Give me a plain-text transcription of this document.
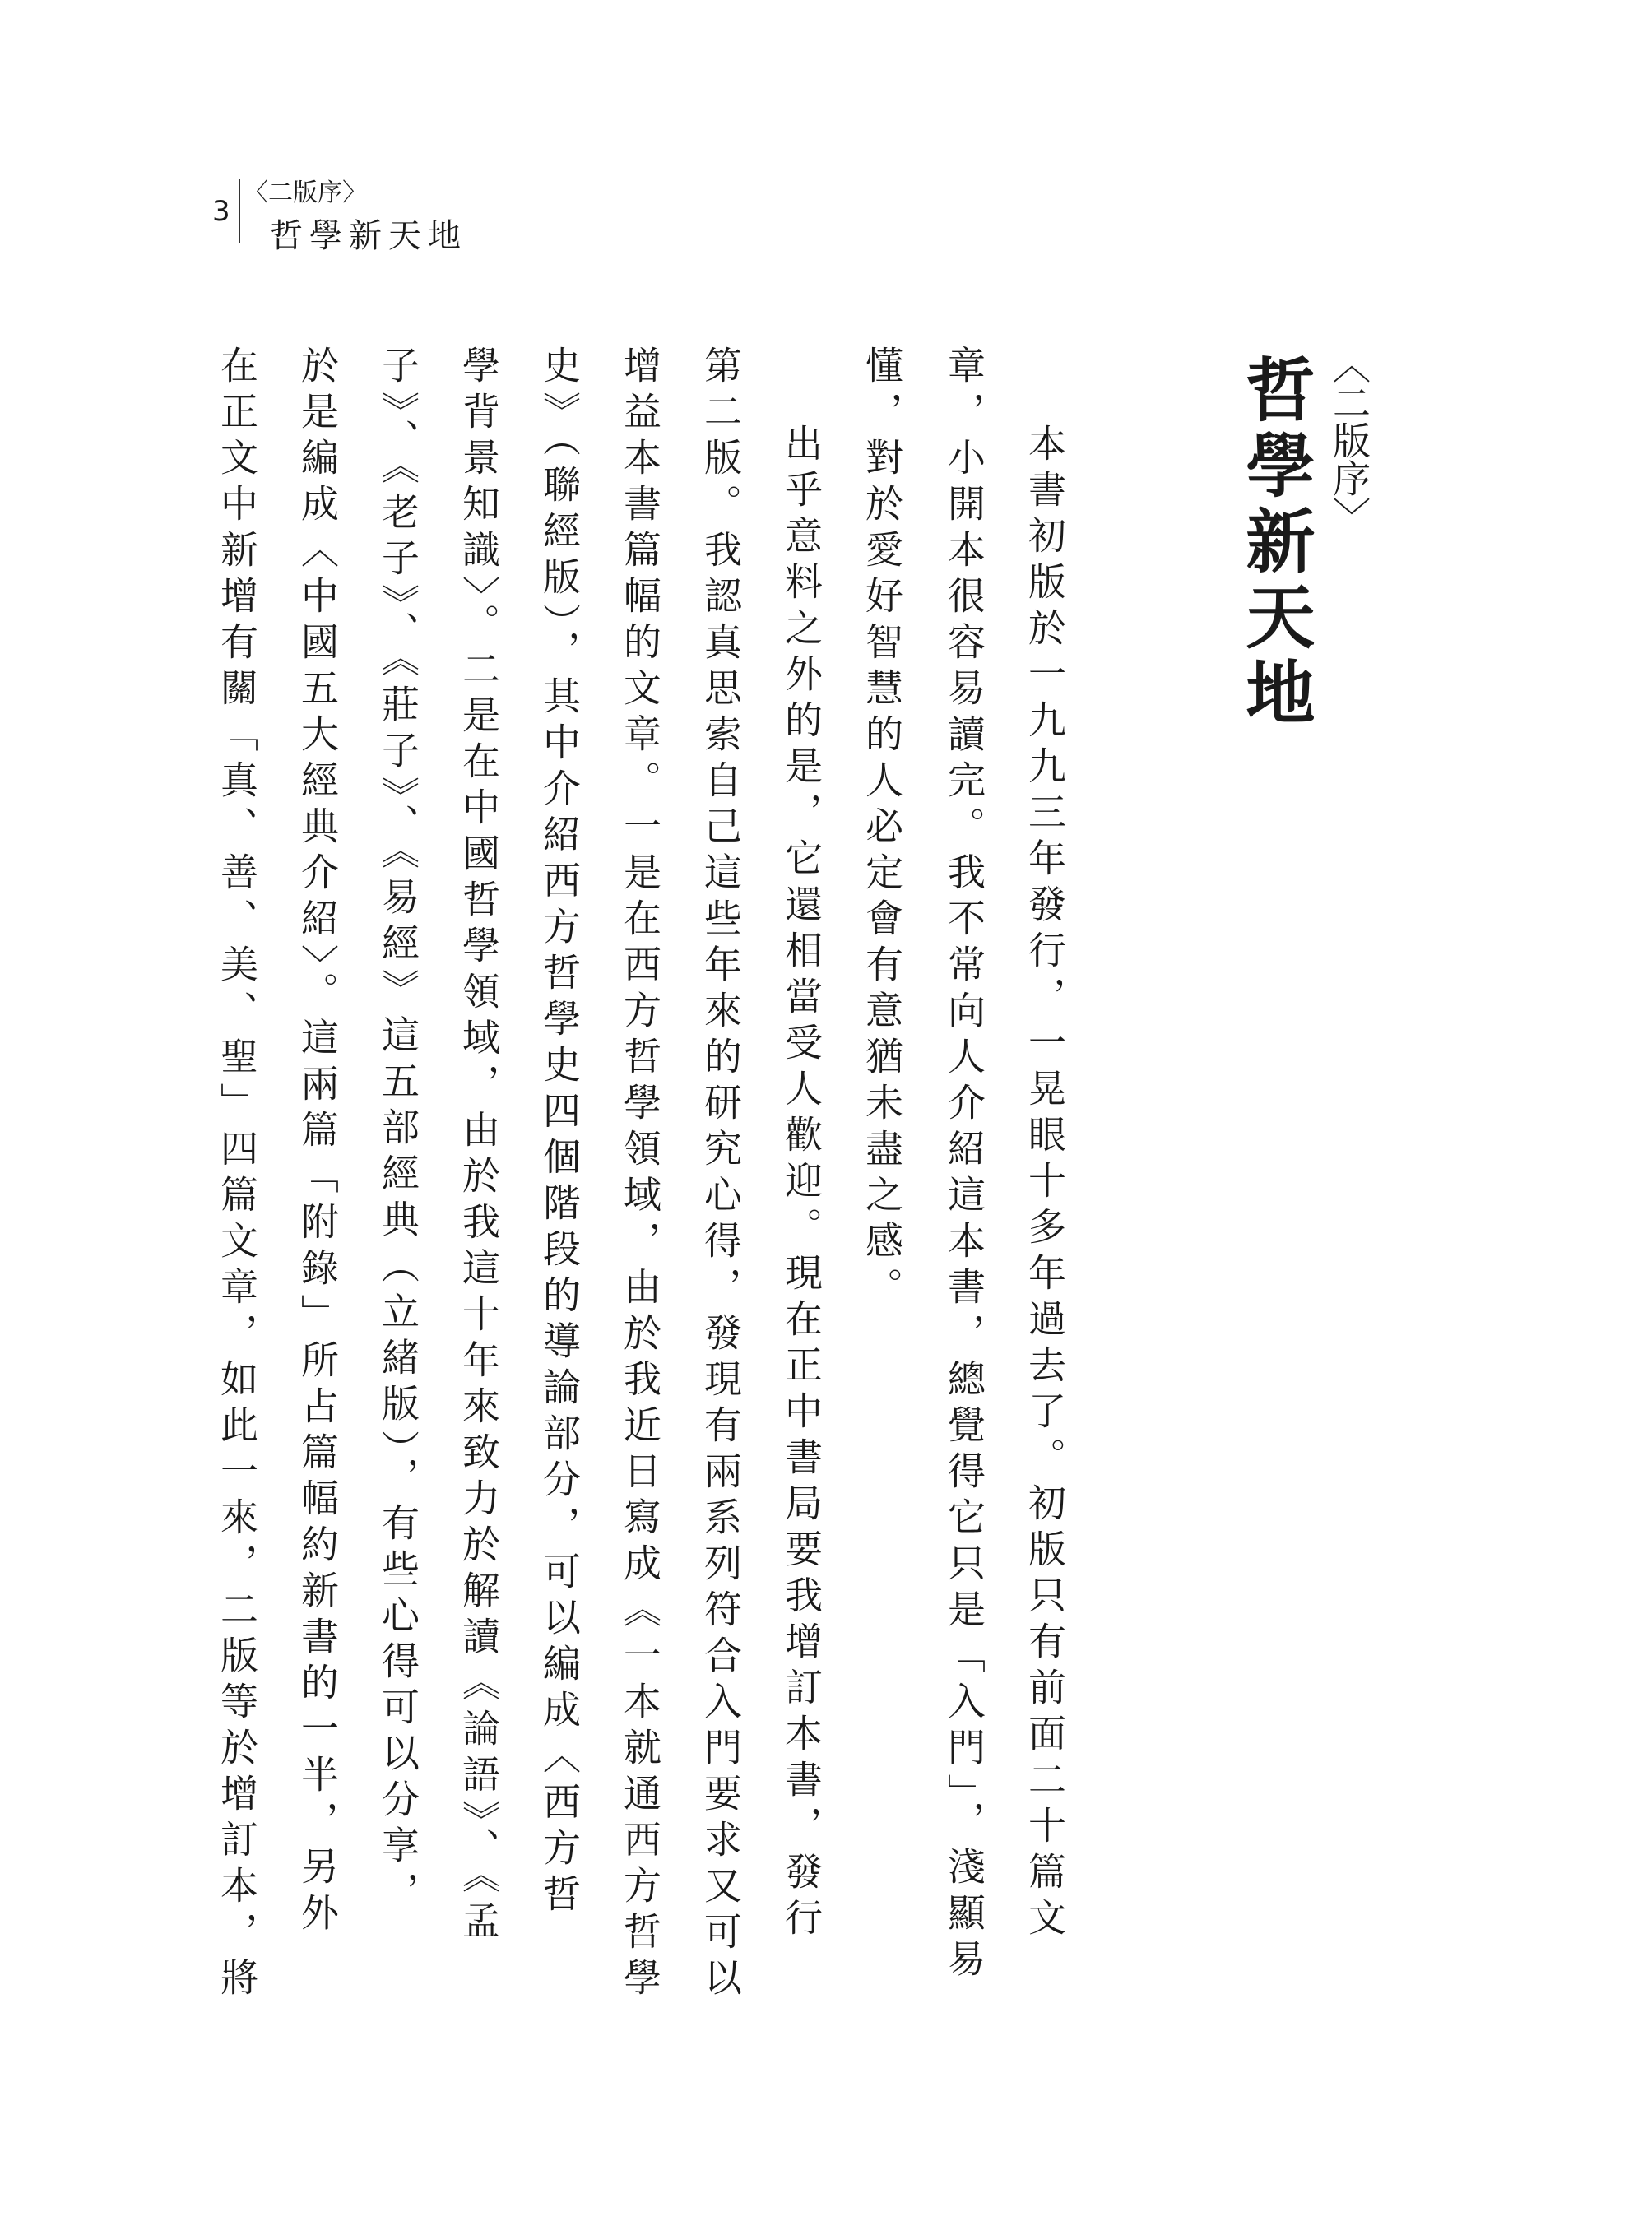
3
〈二版序〉
哲學新天地
〈二版序〉
哲學新天地
本書初版於一九九三年發行，一晃眼十多年過去了。初版只有前面二十篇文
章，小開本很容易讀完。我不常向人介紹這本書，總覺得它只是「入門」，淺顯易
懂，對於愛好智慧的人必定會有意猶未盡之感。
出乎意料之外的是，它還相當受人歡迎。現在正中書局要我增訂本書，發行
第二版。我認真思索自己這些年來的研究心得，發現有兩系列符合入門要求又可以
增益本書篇幅的文章。一是在西方哲學領域，由於我近日寫成《一本就通西方哲學
史》（聯經版），其中介紹西方哲學史四個階段的導論部分，可以編成〈西方哲
學背景知識〉。二是在中國哲學領域，由於我這十年來致力於解讀《論語》、《孟
子》、《老子》、《莊子》、《易經》這五部經典（立緒版），有些心得可以分享，
於是編成〈中國五大經典介紹〉。這兩篇「附錄」所占篇幅約新書的一半，另外
在正文中新增有關「真、善、美、聖」四篇文章，如此一來，二版等於增訂本，將
